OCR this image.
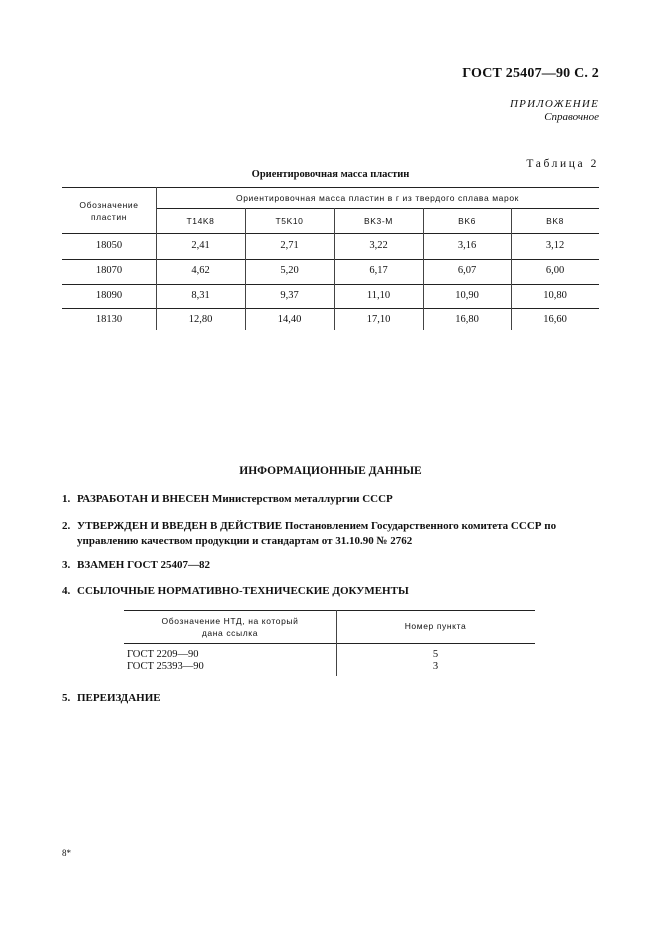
ГОСТ 25407—90 С. 2
ПРИЛОЖЕНИЕ
Справочное
Таблица 2
Ориентировочная масса пластин
Обозначение пластин
Ориентировочная масса пластин в г из твердого сплава марок
T14K8	T5K10	BK3-M	BK6	BK8
18050	2,41	2,71	3,22	3,16	3,12
18070	4,62	5,20	6,17	6,07	6,00
18090	8,31	9,37	11,10	10,90	10,80
18130	12,80	14,40	17,10	16,80	16,60
ИНФОРМАЦИОННЫЕ ДАННЫЕ
1. РАЗРАБОТАН И ВНЕСЕН Министерством металлургии СССР
2. УТВЕРЖДЕН И ВВЕДЕН В ДЕЙСТВИЕ Постановлением Государственного комитета СССР по
управлению качеством продукции и стандартам от 31.10.90 № 2762
3. ВЗАМЕН ГОСТ 25407—82
4. ССЫЛОЧНЫЕ НОРМАТИВНО-ТЕХНИЧЕСКИЕ ДОКУМЕНТЫ
Обозначение НТД, на который
дана ссылка
Номер пункта
ГОСТ 2209—90	5
ГОСТ 25393—90	3
5. ПЕРЕИЗДАНИЕ
8*
